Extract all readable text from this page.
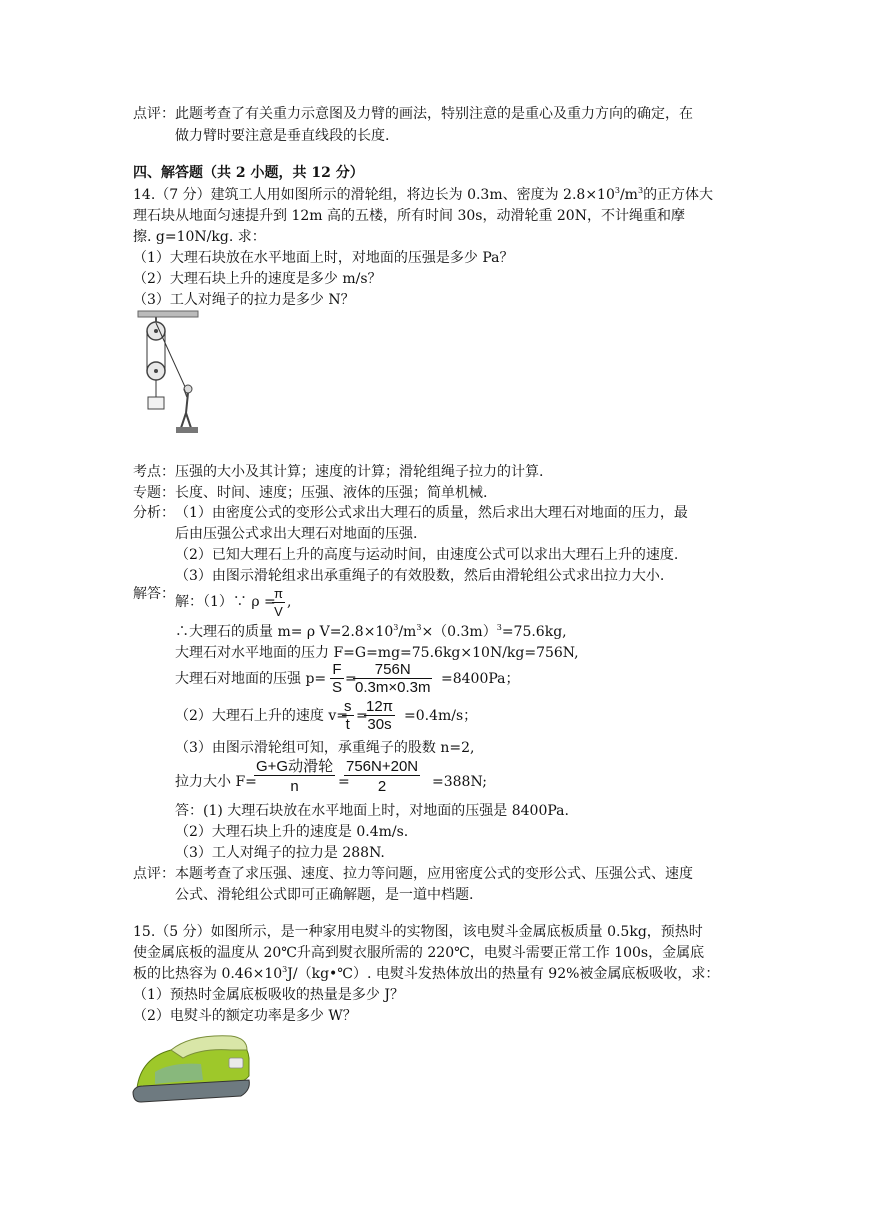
点评： 此题考查了有关重力示意图及力臂的画法，特别注意的是重心及重力方向的确定，在
做力臂时要注意是垂直线段的长度.
四、解答题（共 2 小题，共 12 分）
14.（7 分）建筑工人用如图所示的滑轮组，将边长为 0.3m、密度为 $2.8\times 10^3/m^3$的正方体大
理石块从地面匀速提升到 12m 高的五楼，所有时间 30s，动滑轮重 20N，不计绳重和摩
擦. g=10N/kg. 求：
（1）大理石块放在水平地面上时，对地面的压强是多少 Pa？
（2）大理石块上升的速度是多少 m/s？
（3）工人对绳子的拉力是多少 N？
考点： 压强的大小及其计算；速度的计算；滑轮组绳子拉力的计算.
专题： 长度、时间、速度；压强、液体的压强；简单机械.
分析： （1）由密度公式的变形公式求出大理石的质量，然后求出大理石对地面的压力，最
后由压强公式求出大理石对地面的压强.
（2）已知大理石上升的高度与运动时间，由速度公式可以求出大理石上升的速度.
（3）由图示滑轮组求出承重绳子的有效股数，然后由滑轮组公式求出拉力大小.
解答： 解：（1）∵ ρ =
$\frac{\pi}{V}$ ,
∴大理石的质量 m= ρ $V=2.8\times 10^3/m^3\times(0.3m)^3=75.6kg$,
大理石对水平地面的压力 F=G=mg=75.6kg×10N/kg=756N,
大理石对地面的压强 $p= \frac{F}{S}$ =
$\frac{756N}{0.3m\times 0.3m} =8400Pa$；
（2）大理石上升的速度 v=
$\frac{s}{t}$ =
$\frac{12\pi}{30s} =0.4m/s$；
（3）由图示滑轮组可知，承重绳子的股数 n=2,
拉力大小 F=
G+G动滑轮
n	=
$\frac{756N+20N}{2} =388N$;
答：(1) 大理石块放在水平地面上时，对地面的压强是 8400Pa.
（2）大理石块上升的速度是 0.4m/s.
（3）工人对绳子的拉力是 288N.
点评： 本题考查了求压强、速度、拉力等问题，应用密度公式的变形公式、压强公式、速度
公式、滑轮组公式即可正确解题，是一道中档题.
15.（5 分）如图所示，是一种家用电熨斗的实物图，该电熨斗金属底板质量 0.5kg，预热时
使金属底板的温度从 20℃升高到熨衣服所需的 220℃，电熨斗需要正常工作 100s，金属底
板的比热容为 $0.46\times 10^3J/(kg•℃)$. 电熨斗发热体放出的热量有 92%被金属底板吸收，求：
（1）预热时金属底板吸收的热量是多少 J？
（2）电熨斗的额定功率是多少 W？
